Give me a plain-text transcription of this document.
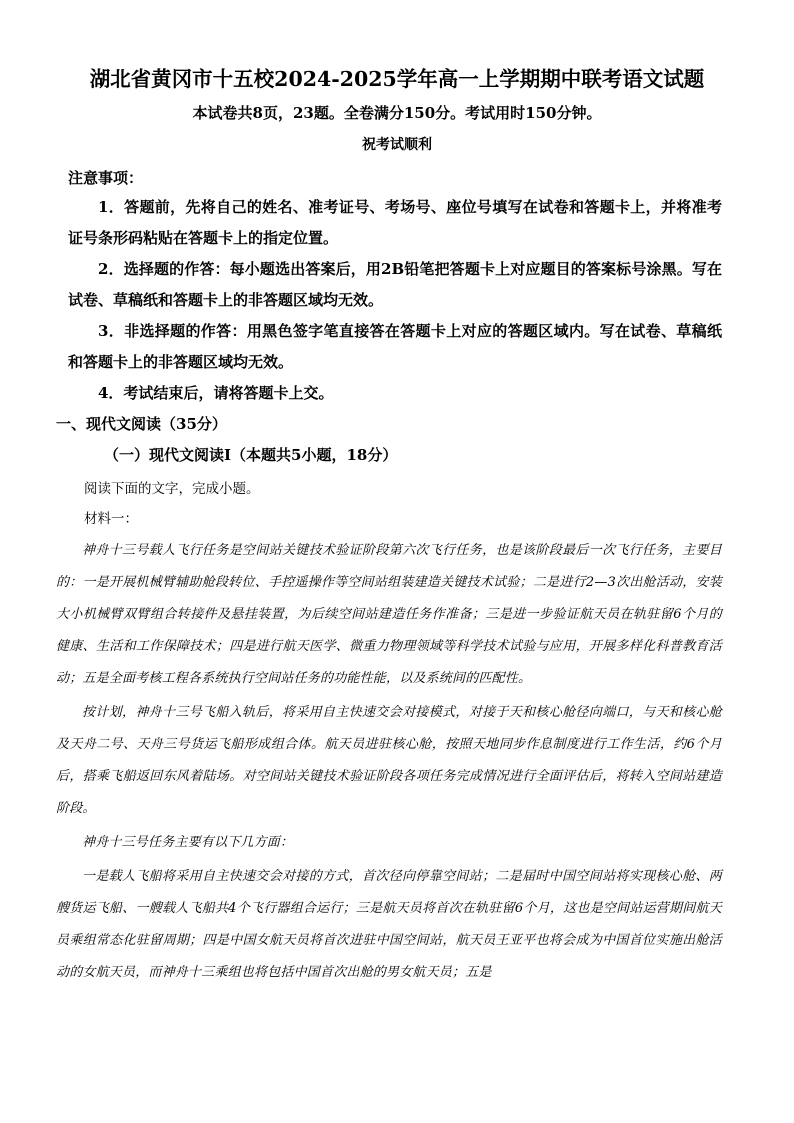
湖北省黄冈市十五校2024-2025学年高一上学期期中联考语文试题

本试卷共8页，23题。全卷满分150分。考试用时150分钟。

祝考试顺利

注意事项：
1．答题前，先将自己的姓名、准考证号、考场号、座位号填写在试卷和答题卡上，并将准考证号条形码粘贴在答题卡上的指定位置。
2．选择题的作答：每小题选出答案后，用2B铅笔把答题卡上对应题目的答案标号涂黑。写在试卷、草稿纸和答题卡上的非答题区域均无效。
3．非选择题的作答：用黑色签字笔直接答在答题卡上对应的答题区域内。写在试卷、草稿纸和答题卡上的非答题区域均无效。
4．考试结束后，请将答题卡上交。
一、现代文阅读（35分）
（一）现代文阅读Ⅰ（本题共5小题，18分）
阅读下面的文字，完成小题。
材料一：

神舟十三号载人飞行任务是空间站关键技术验证阶段第六次飞行任务，也是该阶段最后一次飞行任务，主要目的：一是开展机械臂辅助舱段转位、手控遥操作等空间站组装建造关键技术试验；二是进行2—3次出舱活动，安装大小机械臂双臂组合转接件及悬挂装置，为后续空间站建造任务作准备；三是进一步验证航天员在轨驻留6个月的健康、生活和工作保障技术；四是进行航天医学、微重力物理领域等科学技术试验与应用，开展多样化科普教育活动；五是全面考核工程各系统执行空间站任务的功能性能，以及系统间的匹配性。

按计划，神舟十三号飞船入轨后，将采用自主快速交会对接模式，对接于天和核心舱径向端口，与天和核心舱及天舟二号、天舟三号货运飞船形成组合体。航天员进驻核心舱，按照天地同步作息制度进行工作生活，约6个月后，搭乘飞船返回东风着陆场。对空间站关键技术验证阶段各项任务完成情况进行全面评估后，将转入空间站建造阶段。

神舟十三号任务主要有以下几方面：

一是载人飞船将采用自主快速交会对接的方式，首次径向停靠空间站；二是届时中国空间站将实现核心舱、两艘货运飞船、一艘载人飞船共4个飞行器组合运行；三是航天员将首次在轨驻留6个月，这也是空间站运营期间航天员乘组常态化驻留周期；四是中国女航天员将首次进驻中国空间站，航天员王亚平也将会成为中国首位实施出舱活动的女航天员，而神舟十三乘组也将包括中国首次出舱的男女航天员；五是
